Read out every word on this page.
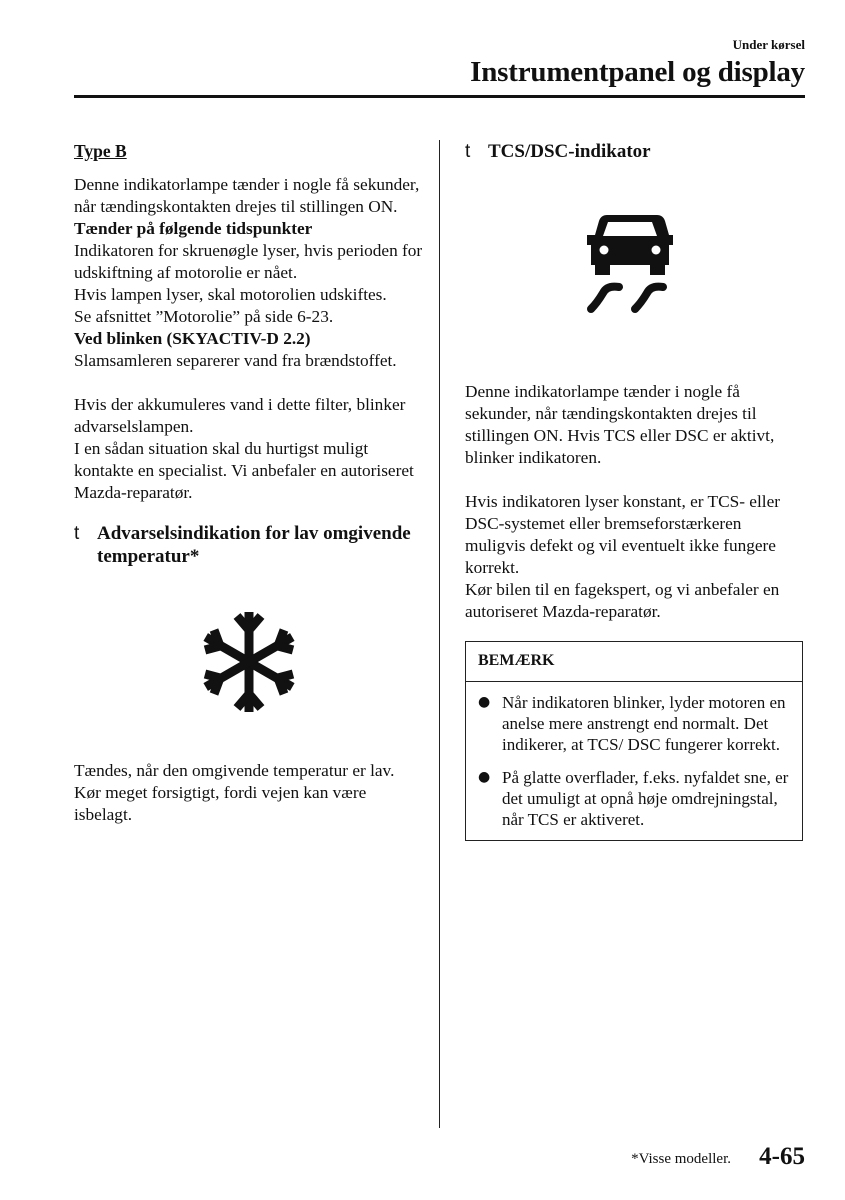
Under kørsel
Instrumentpanel og display

Type B

Denne indikatorlampe tænder i nogle få sekunder, når tændingskontakten drejes til stillingen ON.

Tænder på følgende tidspunkter

Indikatoren for skruenøgle lyser, hvis perioden for udskiftning af motorolie er nået.

Hvis lampen lyser, skal motorolien udskiftes.

Se afsnittet ”Motorolie” på side 6-23.

Ved blinken (SKYACTIV-D 2.2)

Slamsamleren separerer vand fra brændstoffet.

Hvis der akkumuleres vand i dette filter, blinker advarselslampen.

I en sådan situation skal du hurtigst muligt kontakte en specialist. Vi anbefaler en autoriseret Mazda-reparatør.

t Advarselsindikation for lav omgivende temperatur*

Tændes, når den omgivende temperatur er lav.

Kør meget forsigtigt, fordi vejen kan være isbelagt.

t TCS/DSC-indikator

Denne indikatorlampe tænder i nogle få sekunder, når tændingskontakten drejes til stillingen ON. Hvis TCS eller DSC er aktivt, blinker indikatoren.

Hvis indikatoren lyser konstant, er TCS- eller DSC-systemet eller bremseforstærkeren muligvis defekt og vil eventuelt ikke fungere korrekt.

Kør bilen til en fagekspert, og vi anbefaler en autoriseret Mazda-reparatør.

BEMÆRK
● Når indikatoren blinker, lyder motoren en anelse mere anstrengt end normalt. Det indikerer, at TCS/ DSC fungerer korrekt.
● På glatte overflader, f.eks. nyfaldet sne, er det umuligt at opnå høje omdrejningstal, når TCS er aktiveret.
*Visse modeller. 4-65
